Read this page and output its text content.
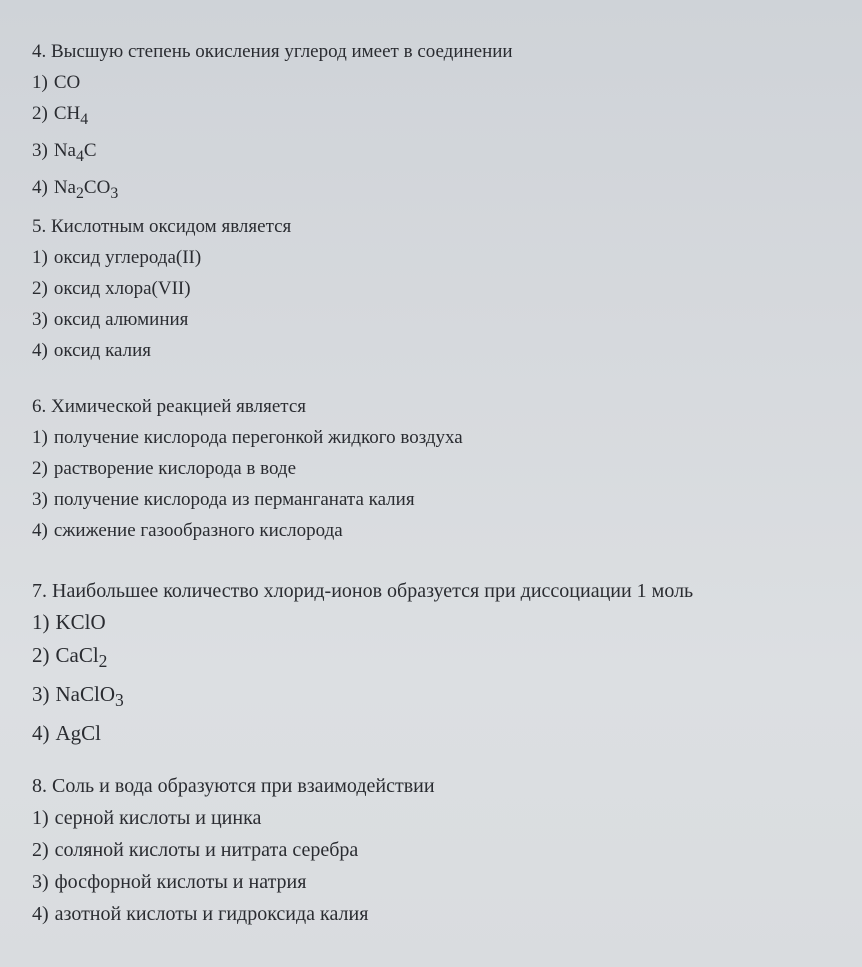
4. Высшую степень окисления углерод имеет в соединении
1) CO
2) $CH_4$
3) $Na_4C$
4) $Na_2CO_3$
5. Кислотным оксидом является
1) оксид углерода(II)
2) оксид хлора(VII)
3) оксид алюминия
4) оксид калия
6. Химической реакцией является
1) получение кислорода перегонкой жидкого воздуха
2) растворение кислорода в воде
3) получение кислорода из перманганата калия
4) сжижение газообразного кислорода
7. Наибольшее количество хлорид-ионов образуется при диссоциации 1 моль
1) KClO
2) CaCl$_2$
3) NaClO$_3$
4) AgCl
8. Соль и вода образуются при взаимодействии
1) серной кислоты и цинка
2) соляной кислоты и нитрата серебра
3) фосфорной кислоты и натрия
4) азотной кислоты и гидроксида калия
